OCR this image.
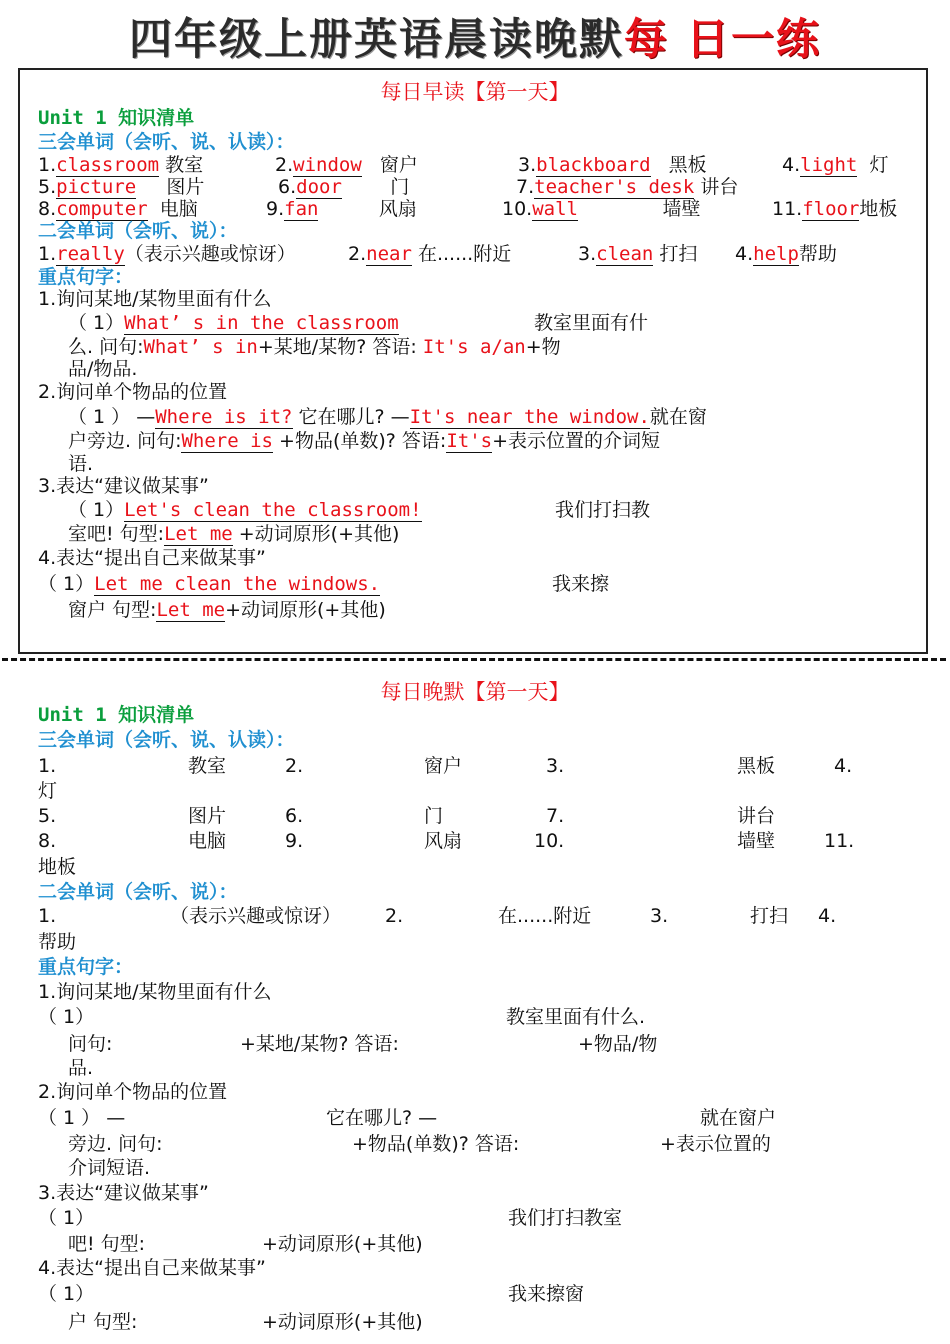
四年级上册英语晨读晚默每 日一练
每日早读【第一天】
Unit 1 知识清单
三会单词（会听、说、认读）：
1.classroom 教室	2.window 窗户	3.blackboard 黑板	4.light 灯
5.picture 图片	6.door	门	7.teacher's desk 讲台
8.computer 电脑	9.fan	风扇	10.wall	墙壁	11.floor地板
二会单词（会听、说）：
1.really（表示兴趣或惊讶）	2.near 在......附近	3.clean 打扫 4.help帮助
重点句字：
1.询问某地/某物里面有什么
（ 1）What’ s in the classroom	教室里面有什
么. 问句:What’ s in+某地/某物? 答语: It's a/an+物
品/物品.
2.询问单个物品的位置
（ 1 ） —Where is it? 它在哪儿? —It's near the window.就在窗
户旁边. 问句:Where is +物品(单数)? 答语:It's+表示位置的介词短
语.
3.表达“建议做某事”
（ 1）Let's clean the classroom!	我们打扫教
室吧! 句型:Let me +动词原形(+其他)
4.表达“提出自己来做某事”
（ 1）Let me clean the windows.	我来擦
窗户 句型:Let me+动词原形(+其他)
每日晚默【第一天】
Unit 1 知识清单
三会单词（会听、说、认读）：
1.	教室	2.	窗户	3.	黑板	4.
灯
5.	图片	6.	门	7.	讲台
8.	电脑	9.	风扇	10.	墙壁	11.
地板
二会单词（会听、说）：
1.	（表示兴趣或惊讶） 2.	在......附近	3.	打扫 4.
帮助
重点句字：
1.询问某地/某物里面有什么
（ 1）	教室里面有什么.
问句:	+某地/某物? 答语:	+物品/物
品.
2.询问单个物品的位置
（ 1 ） —	它在哪儿? —	就在窗户
旁边. 问句:	+物品(单数)? 答语:	+表示位置的
介词短语.
3.表达“建议做某事”
（ 1）	我们打扫教室
吧! 句型:	+动词原形(+其他)
4.表达“提出自己来做某事”
（ 1）	我来擦窗
户 句型:	+动词原形(+其他)
